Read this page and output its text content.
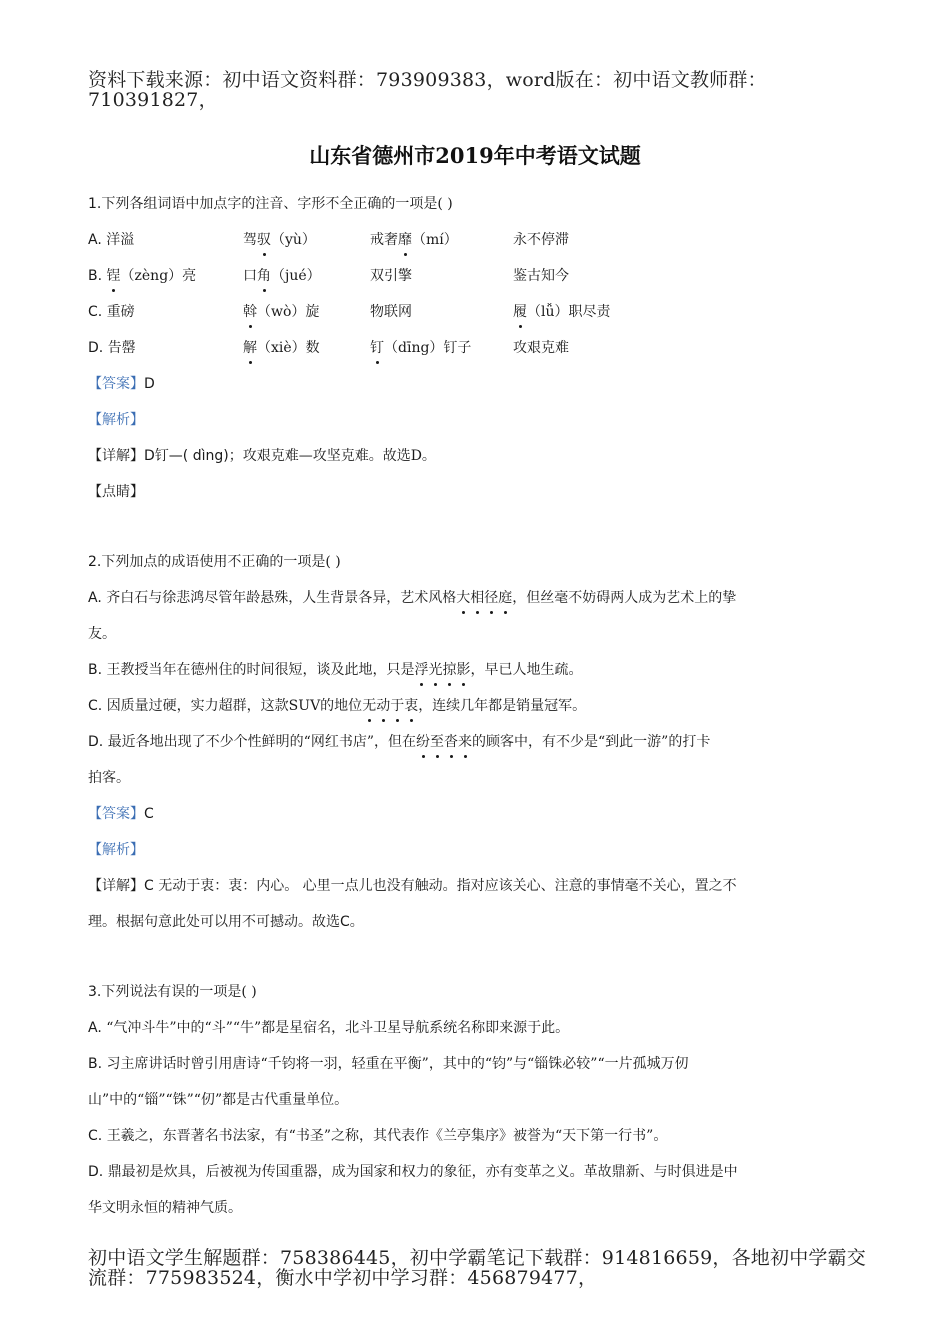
资料下载来源：初中语文资料群：793909383，word版在：初中语文教师群：710391827，
山东省德州市2019年中考语文试题
1.下列各组词语中加点字的注音、字形不全正确的一项是( )
A. 洋溢	驾驭（yù）	戒奢靡（mí）	永不停滞
B. 锃（zèng）亮	口角（jué）	双引擎	鉴古知今
C. 重磅	斡（wò）旋	物联网	履（lǚ）职尽责
D. 告罄	解（xiè）数	钉（dīng）钉子	攻艰克难
【答案】D
【解析】
【详解】D钉—( dìng)；攻艰克难—攻坚克难。故选D。
【点睛】
2.下列加点的成语使用不正确的一项是( )
A. 齐白石与徐悲鸿尽管年龄悬殊，人生背景各异，艺术风格大相径庭，但丝毫不妨碍两人成为艺术上的挚
友。
B. 王教授当年在德州住的时间很短，谈及此地，只是浮光掠影，早已人地生疏。
C. 因质量过硬，实力超群，这款SUV的地位无动于衷，连续几年都是销量冠军。
D. 最近各地出现了不少个性鲜明的“网红书店”，但在纷至沓来的顾客中，有不少是“到此一游”的打卡
拍客。
【答案】C
【解析】
【详解】C 无动于衷：衷：内心。 心里一点儿也没有触动。指对应该关心、注意的事情毫不关心，置之不
理。根据句意此处可以用不可撼动。故选C。
3.下列说法有误的一项是( )
A. “气冲斗牛”中的“斗”“牛”都是星宿名，北斗卫星导航系统名称即来源于此。
B. 习主席讲话时曾引用唐诗“千钧将一羽，轻重在平衡”，其中的“钧”与“锱铢必较”“一片孤城万仞
山”中的“锱”“铢”“仞”都是古代重量单位。
C. 王羲之，东晋著名书法家，有“书圣”之称，其代表作《兰亭集序》被誉为“天下第一行书”。
D. 鼎最初是炊具，后被视为传国重器，成为国家和权力的象征，亦有变革之义。革故鼎新、与时俱进是中
华文明永恒的精神气质。
初中语文学生解题群：758386445，初中学霸笔记下载群：914816659，各地初中学霸交流群：775983524，衡水中学初中学习群：456879477，
